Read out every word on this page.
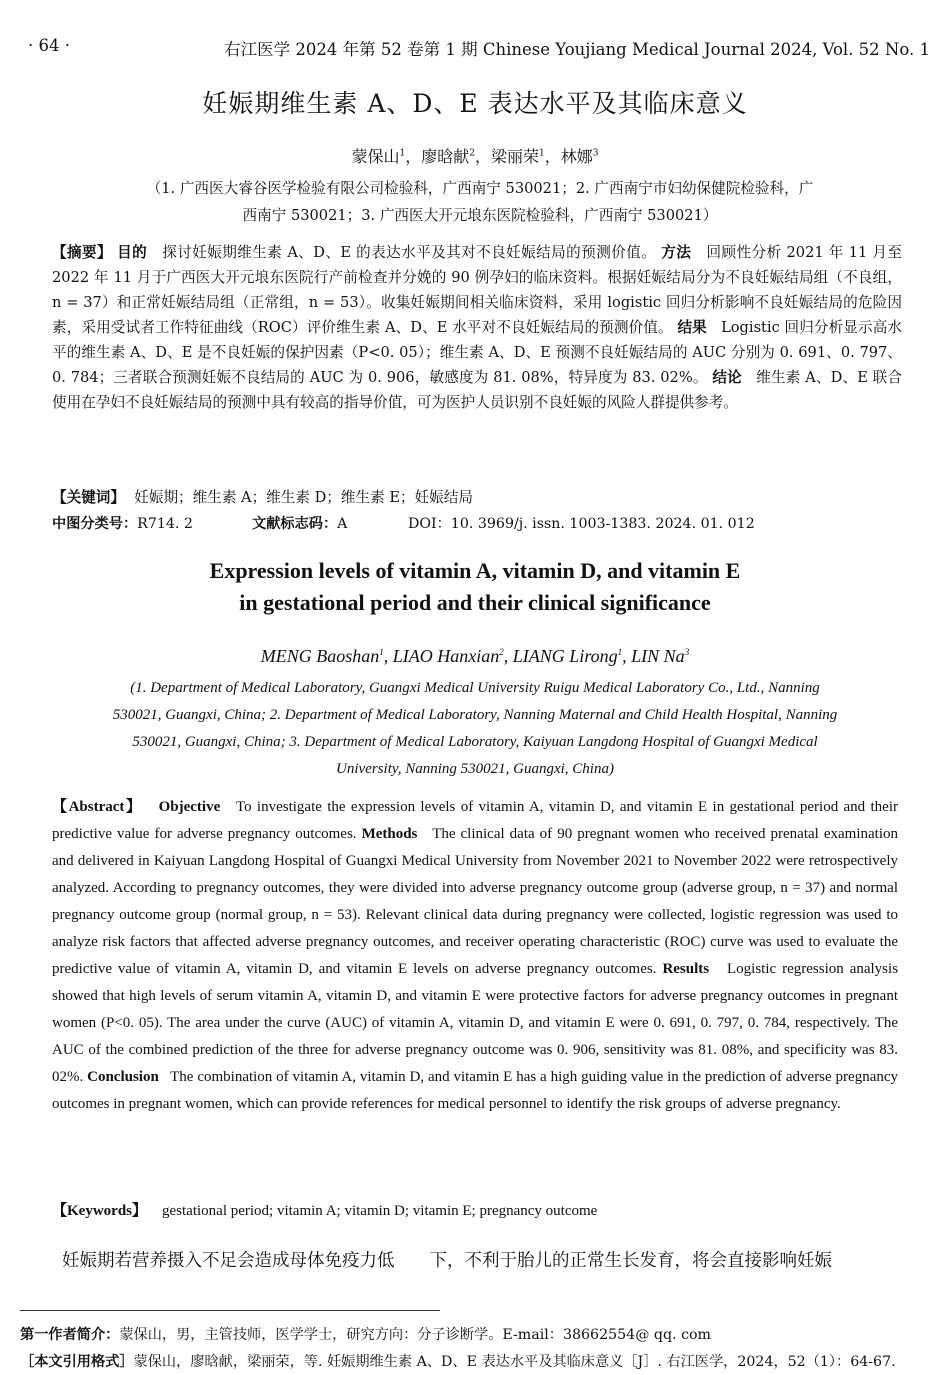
· 64 ·	右江医学 2024 年第 52 卷第 1 期 Chinese Youjiang Medical Journal 2024, Vol. 52 No. 1
妊娠期维生素 A、D、E 表达水平及其临床意义
蒙保山$^1$，廖晗献$^2$，梁丽荣$^1$，林娜$^3$
（1. 广西医大睿谷医学检验有限公司检验科，广西南宁 530021；2. 广西南宁市妇幼保健院检验科，广西南宁 530021；3. 广西医大开元埌东医院检验科，广西南宁 530021）
【摘要】 目的 探讨妊娠期维生素 A、D、E 的表达水平及其对不良妊娠结局的预测价值。 方法 回顾性分析 2021 年 11 月至 2022 年 11 月于广西医大开元埌东医院行产前检查并分娩的 90 例孕妇的临床资料。根据妊娠结局分为不良妊娠结局组（不良组，n = 37）和正常妊娠结局组（正常组，n = 53）。收集妊娠期间相关临床资料，采用 logistic 回归分析影响不良妊娠结局的危险因素，采用受试者工作特征曲线（ROC）评价维生素 A、D、E 水平对不良妊娠结局的预测价值。 结果 Logistic 回归分析显示高水平的维生素 A、D、E 是不良妊娠的保护因素（P<0. 05）；维生素 A、D、E 预测不良妊娠结局的 AUC 分别为 0. 691、0. 797、0. 784；三者联合预测妊娠不良结局的 AUC 为 0. 906，敏感度为 81. 08%，特异度为 83. 02%。 结论 维生素 A、D、E 联合使用在孕妇不良妊娠结局的预测中具有较高的指导价值，可为医护人员识别不良妊娠的风险人群提供参考。
【关键词】 妊娠期；维生素 A；维生素 D；维生素 E；妊娠结局
中图分类号：R714. 2	文献标志码：A	DOI：10. 3969/j. issn. 1003-1383. 2024. 01. 012
Expression levels of vitamin A, vitamin D, and vitamin E
in gestational period and their clinical significance
MENG Baoshan$^1$, LIAO Hanxian$^2$, LIANG Lirong$^1$, LIN Na$^3$
(1. Department of Medical Laboratory, Guangxi Medical University Ruigu Medical Laboratory Co., Ltd., Nanning 530021, Guangxi, China; 2. Department of Medical Laboratory, Nanning Maternal and Child Health Hospital, Nanning 530021, Guangxi, China; 3. Department of Medical Laboratory, Kaiyuan Langdong Hospital of Guangxi Medical University, Nanning 530021, Guangxi, China)
【Abstract】 Objective To investigate the expression levels of vitamin A, vitamin D, and vitamin E in gestational period and their predictive value for adverse pregnancy outcomes. Methods The clinical data of 90 pregnant women who received prenatal examination and delivered in Kaiyuan Langdong Hospital of Guangxi Medical University from November 2021 to November 2022 were retrospectively analyzed. According to pregnancy outcomes, they were divided into adverse pregnancy outcome group (adverse group, n = 37) and normal pregnancy outcome group (normal group, n = 53). Relevant clinical data during pregnancy were collected, logistic regression was used to analyze risk factors that affected adverse pregnancy outcomes, and receiver operating characteristic (ROC) curve was used to evaluate the predictive value of vitamin A, vitamin D, and vitamin E levels on adverse pregnancy outcomes. Results Logistic regression analysis showed that high levels of serum vitamin A, vitamin D, and vitamin E were protective factors for adverse pregnancy outcomes in pregnant women (P<0. 05). The area under the curve (AUC) of vitamin A, vitamin D, and vitamin E were 0. 691, 0. 797, 0. 784, respectively. The AUC of the combined prediction of the three for adverse pregnancy outcome was 0. 906, sensitivity was 81. 08%, and specificity was 83. 02%. Conclusion The combination of vitamin A, vitamin D, and vitamin E has a high guiding value in the prediction of adverse pregnancy outcomes in pregnant women, which can provide references for medical personnel to identify the risk groups of adverse pregnancy.
【Keywords】 gestational period; vitamin A; vitamin D; vitamin E; pregnancy outcome
妊娠期若营养摄入不足会造成母体免疫力低　　下，不利于胎儿的正常生长发育，将会直接影响妊娠
第一作者简介：蒙保山，男，主管技师，医学学士，研究方向：分子诊断学。E-mail：38662554@ qq. com
［本文引用格式］蒙保山，廖晗献，梁丽荣，等. 妊娠期维生素 A、D、E 表达水平及其临床意义［J］. 右江医学，2024，52（1）：64-67.
